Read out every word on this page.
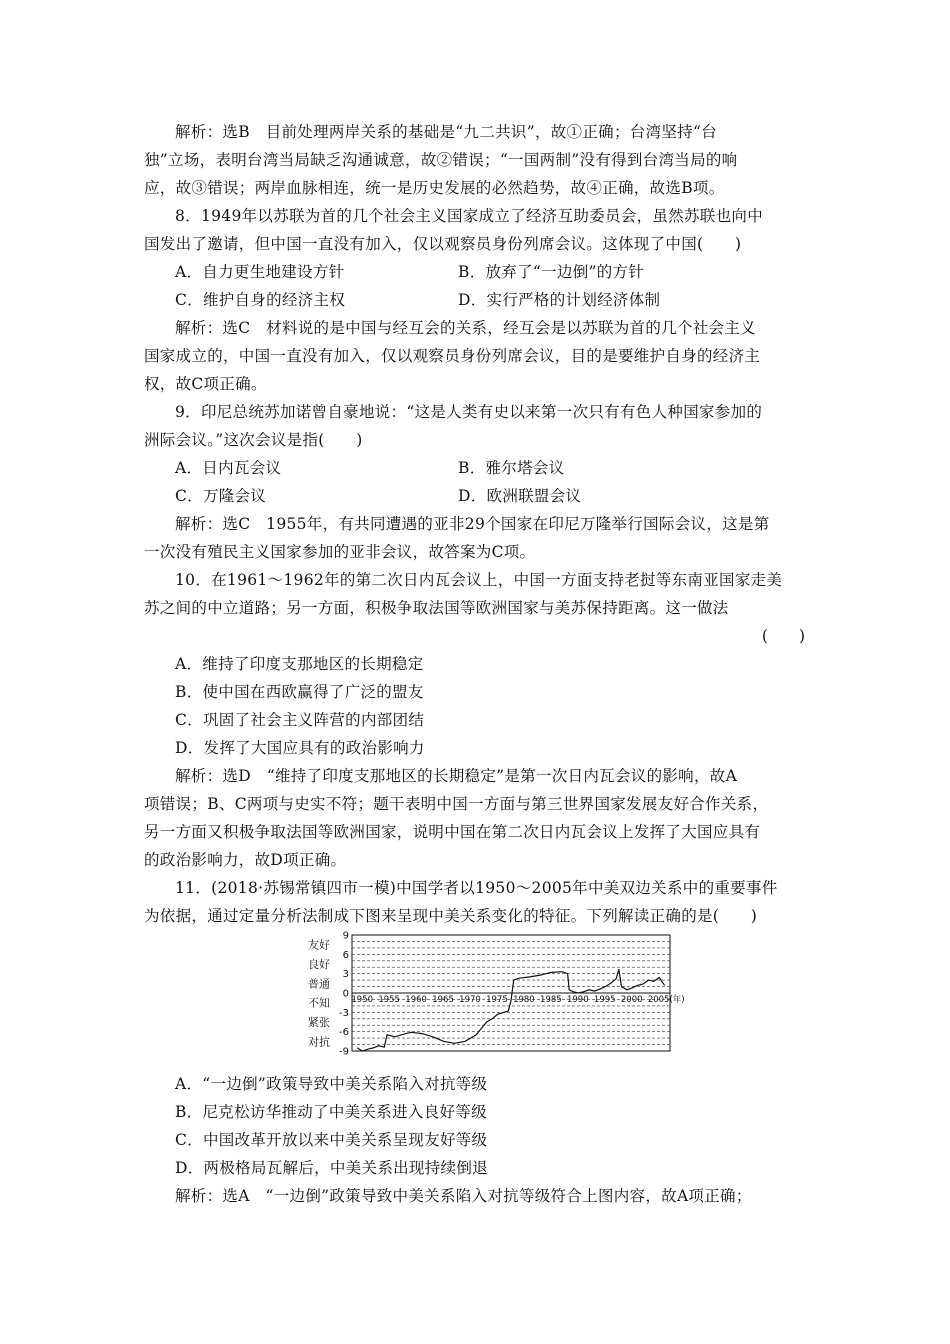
解析：选B　目前处理两岸关系的基础是“九二共识”，故①正确；台湾坚持“台
独”立场，表明台湾当局缺乏沟通诚意，故②错误；“一国两制”没有得到台湾当局的响
应，故③错误；两岸血脉相连，统一是历史发展的必然趋势，故④正确，故选B项。
8．1949年以苏联为首的几个社会主义国家成立了经济互助委员会，虽然苏联也向中
国发出了邀请，但中国一直没有加入，仅以观察员身份列席会议。这体现了中国(　　)
A．自力更生地建设方针	B．放弃了“一边倒”的方针
C．维护自身的经济主权	D．实行严格的计划经济体制
解析：选C　材料说的是中国与经互会的关系，经互会是以苏联为首的几个社会主义
国家成立的，中国一直没有加入，仅以观察员身份列席会议，目的是要维护自身的经济主
权，故C项正确。
9．印尼总统苏加诺曾自豪地说：“这是人类有史以来第一次只有有色人种国家参加的
洲际会议。”这次会议是指(　　)
A．日内瓦会议	B．雅尔塔会议
C．万隆会议	D．欧洲联盟会议
解析：选C　1955年，有共同遭遇的亚非29个国家在印尼万隆举行国际会议，这是第
一次没有殖民主义国家参加的亚非会议，故答案为C项。
10．在1961～1962年的第二次日内瓦会议上，中国一方面支持老挝等东南亚国家走美
苏之间的中立道路；另一方面，积极争取法国等欧洲国家与美苏保持距离。这一做法
(　　)
A．维持了印度支那地区的长期稳定
B．使中国在西欧赢得了广泛的盟友
C．巩固了社会主义阵营的内部团结
D．发挥了大国应具有的政治影响力
解析：选D　“维持了印度支那地区的长期稳定”是第一次日内瓦会议的影响，故A
项错误；B、C两项与史实不符；题干表明中国一方面与第三世界国家发展友好合作关系，
另一方面又积极争取法国等欧洲国家，说明中国在第二次日内瓦会议上发挥了大国应具有
的政治影响力，故D项正确。
11．(2018·苏锡常镇四市一模)中国学者以1950～2005年中美双边关系中的重要事件
为依据，通过定量分析法制成下图来呈现中美关系变化的特征。下列解读正确的是(　　)
9
6
3
0
-3
-6
-9
友好
良好
普通
不知
紧张
对抗
1950 1955 1960 1965 1970 1975 1980 1985 1990 1995 2000 2005(年)
A．“一边倒”政策导致中美关系陷入对抗等级
B．尼克松访华推动了中美关系进入良好等级
C．中国改革开放以来中美关系呈现友好等级
D．两极格局瓦解后，中美关系出现持续倒退
解析：选A　“一边倒”政策导致中美关系陷入对抗等级符合上图内容，故A项正确；
